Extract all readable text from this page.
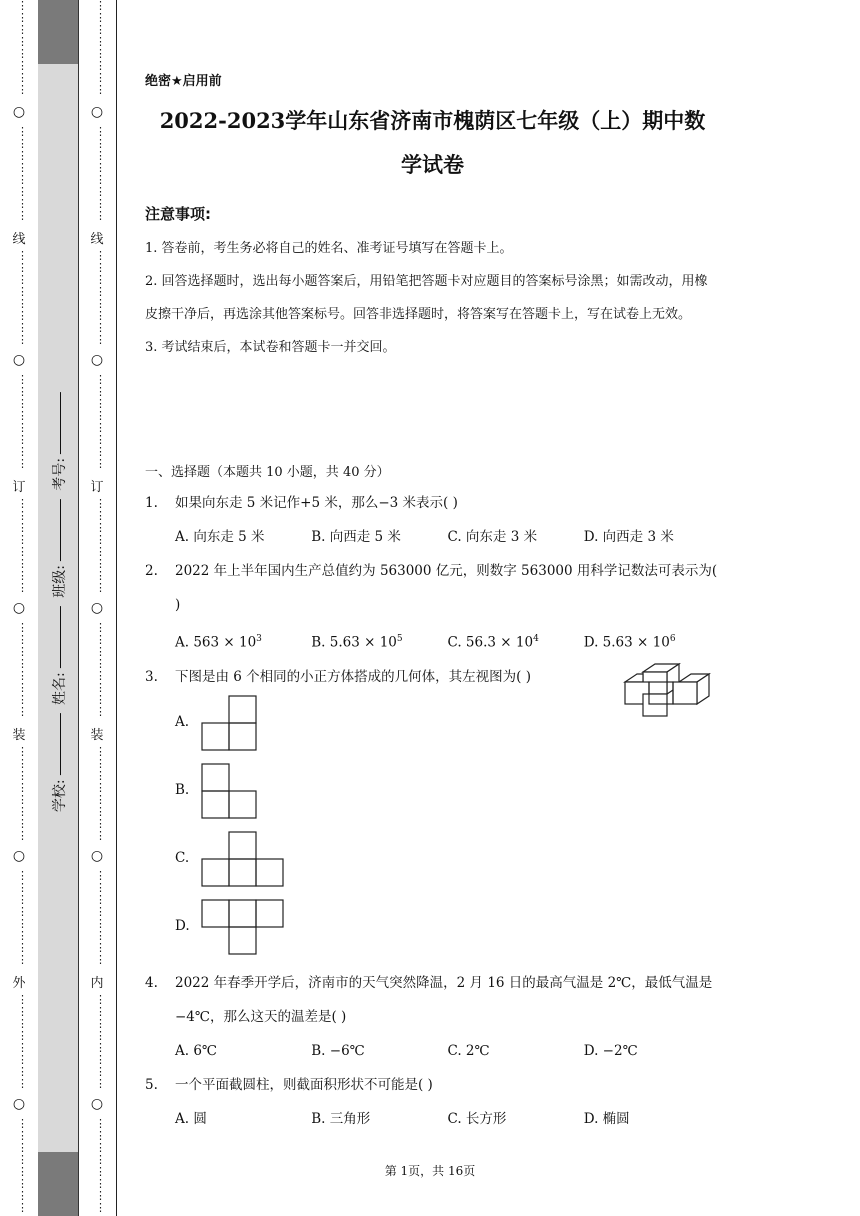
⋮
⋮
⋮
⋮
⋮
⋮
⋮
⋮

○
⋮
⋮
⋮
⋮
⋮
⋮
⋮
⋮

线
⋮
⋮
⋮
⋮
⋮
⋮
⋮
⋮

○
⋮
⋮
⋮
⋮
⋮
⋮
⋮
⋮

订
⋮
⋮
⋮
⋮
⋮
⋮
⋮
⋮

○
⋮
⋮
⋮
⋮
⋮
⋮
⋮
⋮

装
⋮
⋮
⋮
⋮
⋮
⋮
⋮
⋮

○
⋮
⋮
⋮
⋮
⋮
⋮
⋮
⋮

外
⋮
⋮
⋮
⋮
⋮
⋮
⋮
⋮

○
⋮
⋮
⋮
⋮
⋮
⋮
⋮
⋮

学校: 姓名: 班级: 考号:
⋮
⋮
⋮
⋮
⋮
⋮
⋮
⋮

○
⋮
⋮
⋮
⋮
⋮
⋮
⋮
⋮

线
⋮
⋮
⋮
⋮
⋮
⋮
⋮
⋮

○
⋮
⋮
⋮
⋮
⋮
⋮
⋮
⋮

订
⋮
⋮
⋮
⋮
⋮
⋮
⋮
⋮

○
⋮
⋮
⋮
⋮
⋮
⋮
⋮
⋮

装
⋮
⋮
⋮
⋮
⋮
⋮
⋮
⋮

○
⋮
⋮
⋮
⋮
⋮
⋮
⋮
⋮

内
⋮
⋮
⋮
⋮
⋮
⋮
⋮
⋮

○
⋮
⋮
⋮
⋮
⋮
⋮
⋮
⋮

绝密★启用前

2022-2023学年山东省济南市槐荫区七年级（上）期中数

学试卷

注意事项:

1. 答卷前，考生务必将自己的姓名、准考证号填写在答题卡上。

2. 回答选择题时，选出每小题答案后，用铅笔把答题卡对应题目的答案标号涂黑；如需改动，用橡皮擦干净后，再选涂其他答案标号。回答非选择题时，将答案写在答题卡上，写在试卷上无效。

3. 考试结束后，本试卷和答题卡一并交回。

一、选择题（本题共 10 小题，共 40 分）

1. 如果向东走 5 米记作+5 米，那么−3 米表示( )
A. 向东走 5 米	B. 向西走 5 米	C. 向东走 3 米	D. 向西走 3 米
2. 2022 年上半年国内生产总值约为 563000 亿元，则数字 563000 用科学记数法可表示为( )
A. $563 \times 10^3$	B. $5.63 \times 10^5$	C. $56.3 \times 10^4$	D. $5.63 \times 10^6$
3. 下图是由 6 个相同的小正方体搭成的几何体，其左视图为( )
A.
B.
C.
D.
4. 2022 年春季开学后，济南市的天气突然降温，2 月 16 日的最高气温是 2℃，最低气温是−4℃，那么这天的温差是( )
A. 6℃	B. −6℃	C. 2℃	D. −2℃
5. 一个平面截圆柱，则截面积形状不可能是( )
A. 圆	B. 三角形	C. 长方形	D. 椭圆
第 1页，共 16页
